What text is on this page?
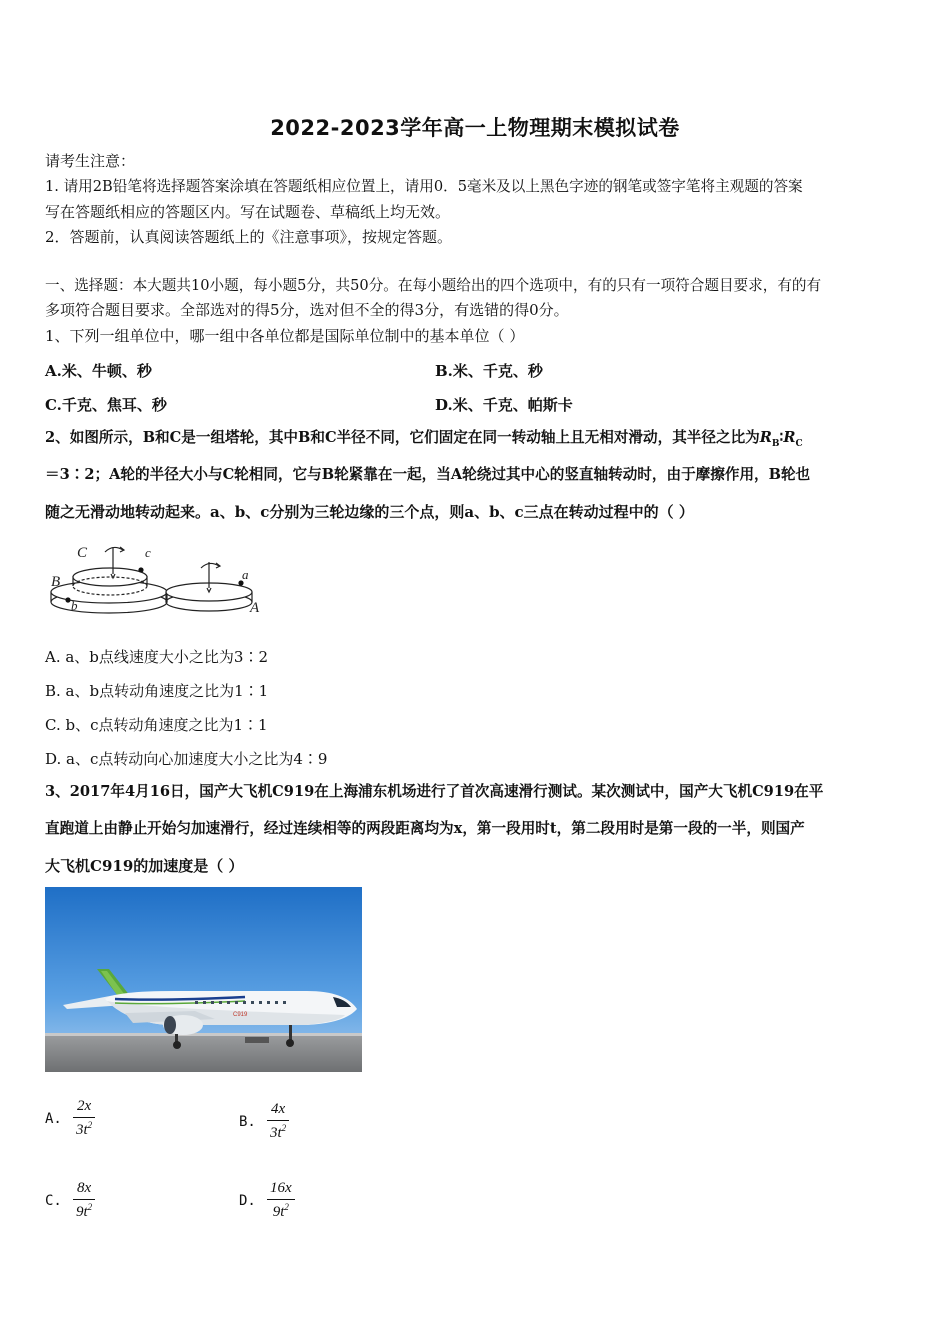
2022-2023学年高一上物理期末模拟试卷
请考生注意：
1. 请用2B铅笔将选择题答案涂填在答题纸相应位置上，请用0．5毫米及以上黑色字迹的钢笔或签字笔将主观题的答案
写在答题纸相应的答题区内。写在试题卷、草稿纸上均无效。
2．答题前，认真阅读答题纸上的《注意事项》，按规定答题。
一、选择题：本大题共10小题，每小题5分，共50分。在每小题给出的四个选项中，有的只有一项符合题目要求，有的有
多项符合题目要求。全部选对的得5分，选对但不全的得3分，有选错的得0分。
1、下列一组单位中，哪一组中各单位都是国际单位制中的基本单位（ ）
A.米、牛顿、秒	B.米、千克、秒
C.千克、焦耳、秒	D.米、千克、帕斯卡
2、如图所示，B和C是一组塔轮，其中B和C半径不同，它们固定在同一转动轴上且无相对滑动，其半径之比为$R_B∶R_C$
＝3∶2；A轮的半径大小与C轮相同，它与B轮紧靠在一起，当A轮绕过其中心的竖直轴转动时，由于摩擦作用，B轮也
随之无滑动地转动起来。a、b、c分别为三轮边缘的三个点，则a、b、c三点在转动过程中的（ ）
C	c
B
b
a
A
A. a、b点线速度大小之比为3∶2
B. a、b点转动角速度之比为1∶1
C. b、c点转动角速度之比为1∶1
D. a、c点转动向心加速度大小之比为4∶9
3、2017年4月16日，国产大飞机C919在上海浦东机场进行了首次高速滑行测试。某次测试中，国产大飞机C919在平
直跑道上由静止开始匀加速滑行，经过连续相等的两段距离均为x，第一段用时t，第二段用时是第一段的一半，则国产
大飞机C919的加速度是（ ）
C919
A. $\frac{2x}{3t^2}$	B. $\frac{4x}{3t^2}$
C. $\frac{8x}{9t^2}$	D. $\frac{16x}{9t^2}$
